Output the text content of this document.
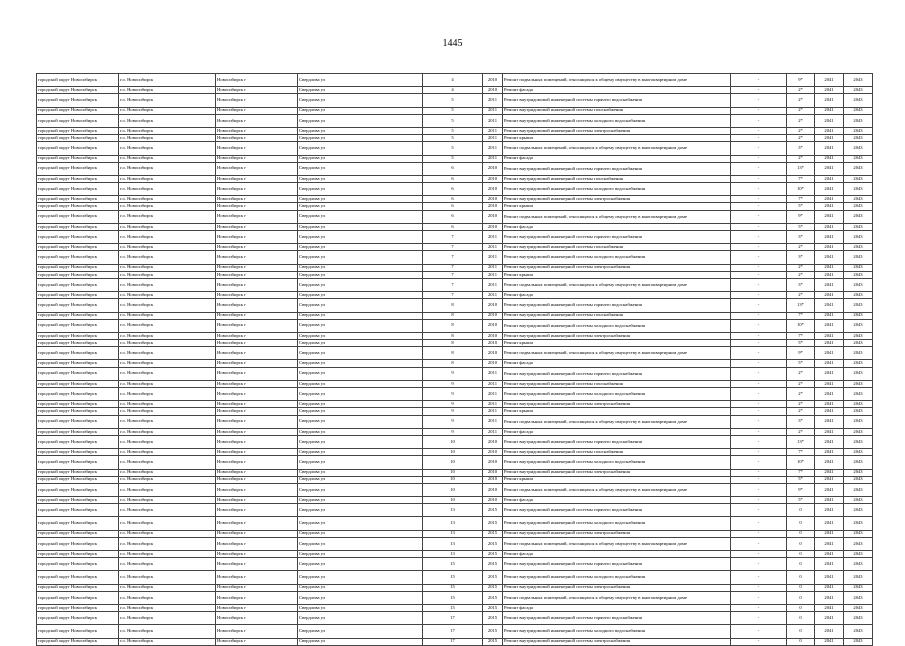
1445
городской округ Новосибирск	г.о. Новосибирск	Новосибирск г	Свердлова ул	4	2010	Ремонт подвальных помещений, относящихся к общему имуществу в многоквартирном доме	-	9*	2041	2043
городской округ Новосибирск	г.о. Новосибирск	Новосибирск г	Свердлова ул	4	2010	Ремонт фасада	-	2*	2041	2043
городской округ Новосибирск	г.о. Новосибирск	Новосибирск г	Свердлова ул	5	2011	Ремонт внутридомовой инженерной системы горячего водоснабжения	-	2*	2041	2043
городской округ Новосибирск	г.о. Новосибирск	Новосибирск г	Свердлова ул	5	2011	Ремонт внутридомовой инженерной системы газоснабжения	-	2*	2041	2043
городской округ Новосибирск	г.о. Новосибирск	Новосибирск г	Свердлова ул	5	2011	Ремонт внутридомовой инженерной системы холодного водоснабжения	-	2*	2041	2043
городской округ Новосибирск	г.о. Новосибирск	Новосибирск г	Свердлова ул	5	2011	Ремонт внутридомовой инженерной системы электроснабжения	-	2*	2041	2043
городской округ Новосибирск	г.о. Новосибирск	Новосибирск г	Свердлова ул	5	2011	Ремонт крыши	-	2*	2041	2043
городской округ Новосибирск	г.о. Новосибирск	Новосибирск г	Свердлова ул	5	2011	Ремонт подвальных помещений, относящихся к общему имуществу в многоквартирном доме	-	3*	2041	2043
городской округ Новосибирск	г.о. Новосибирск	Новосибирск г	Свердлова ул	5	2011	Ремонт фасада	-	2*	2041	2043
городской округ Новосибирск	г.о. Новосибирск	Новосибирск г	Свердлова ул	6	2010	Ремонт внутридомовой инженерной системы горячего водоснабжения	-	13*	2041	2043
городской округ Новосибирск	г.о. Новосибирск	Новосибирск г	Свердлова ул	6	2010	Ремонт внутридомовой инженерной системы газоснабжения	-	7*	2041	2043
городской округ Новосибирск	г.о. Новосибирск	Новосибирск г	Свердлова ул	6	2010	Ремонт внутридомовой инженерной системы холодного водоснабжения	-	10*	2041	2043
городской округ Новосибирск	г.о. Новосибирск	Новосибирск г	Свердлова ул	6	2010	Ремонт внутридомовой инженерной системы электроснабжения	-	7*	2041	2043
городской округ Новосибирск	г.о. Новосибирск	Новосибирск г	Свердлова ул	6	2010	Ремонт крыши	-	5*	2041	2043
городской округ Новосибирск	г.о. Новосибирск	Новосибирск г	Свердлова ул	6	2010	Ремонт подвальных помещений, относящихся к общему имуществу в многоквартирном доме	-	9*	2041	2043
городской округ Новосибирск	г.о. Новосибирск	Новосибирск г	Свердлова ул	6	2010	Ремонт фасада	-	5*	2041	2043
городской округ Новосибирск	г.о. Новосибирск	Новосибирск г	Свердлова ул	7	2011	Ремонт внутридомовой инженерной системы горячего водоснабжения	-	3*	2041	2043
городской округ Новосибирск	г.о. Новосибирск	Новосибирск г	Свердлова ул	7	2011	Ремонт внутридомовой инженерной системы газоснабжения	-	2*	2041	2043
городской округ Новосибирск	г.о. Новосибирск	Новосибирск г	Свердлова ул	7	2011	Ремонт внутридомовой инженерной системы холодного водоснабжения	-	3*	2041	2043
городской округ Новосибирск	г.о. Новосибирск	Новосибирск г	Свердлова ул	7	2011	Ремонт внутридомовой инженерной системы электроснабжения	-	2*	2041	2043
городской округ Новосибирск	г.о. Новосибирск	Новосибирск г	Свердлова ул	7	2011	Ремонт крыши	-	2*	2041	2043
городской округ Новосибирск	г.о. Новосибирск	Новосибирск г	Свердлова ул	7	2011	Ремонт подвальных помещений, относящихся к общему имуществу в многоквартирном доме	-	3*	2041	2043
городской округ Новосибирск	г.о. Новосибирск	Новосибирск г	Свердлова ул	7	2011	Ремонт фасада	-	2*	2041	2043
городской округ Новосибирск	г.о. Новосибирск	Новосибирск г	Свердлова ул	8	2010	Ремонт внутридомовой инженерной системы горячего водоснабжения	-	13*	2041	2043
городской округ Новосибирск	г.о. Новосибирск	Новосибирск г	Свердлова ул	8	2010	Ремонт внутридомовой инженерной системы газоснабжения	-	7*	2041	2043
городской округ Новосибирск	г.о. Новосибирск	Новосибирск г	Свердлова ул	8	2010	Ремонт внутридомовой инженерной системы холодного водоснабжения	-	10*	2041	2043
городской округ Новосибирск	г.о. Новосибирск	Новосибирск г	Свердлова ул	8	2010	Ремонт внутридомовой инженерной системы электроснабжения	-	7*	2041	2043
городской округ Новосибирск	г.о. Новосибирск	Новосибирск г	Свердлова ул	8	2010	Ремонт крыши	-	5*	2041	2043
городской округ Новосибирск	г.о. Новосибирск	Новосибирск г	Свердлова ул	8	2010	Ремонт подвальных помещений, относящихся к общему имуществу в многоквартирном доме	-	9*	2041	2043
городской округ Новосибирск	г.о. Новосибирск	Новосибирск г	Свердлова ул	8	2010	Ремонт фасада	-	5*	2041	2043
городской округ Новосибирск	г.о. Новосибирск	Новосибирск г	Свердлова ул	9	2011	Ремонт внутридомовой инженерной системы горячего водоснабжения	-	2*	2041	2043
городской округ Новосибирск	г.о. Новосибирск	Новосибирск г	Свердлова ул	9	2011	Ремонт внутридомовой инженерной системы газоснабжения	-	2*	2041	2043
городской округ Новосибирск	г.о. Новосибирск	Новосибирск г	Свердлова ул	9	2011	Ремонт внутридомовой инженерной системы холодного водоснабжения	-	2*	2041	2043
городской округ Новосибирск	г.о. Новосибирск	Новосибирск г	Свердлова ул	9	2011	Ремонт внутридомовой инженерной системы электроснабжения	-	2*	2041	2043
городской округ Новосибирск	г.о. Новосибирск	Новосибирск г	Свердлова ул	9	2011	Ремонт крыши	-	2*	2041	2043
городской округ Новосибирск	г.о. Новосибирск	Новосибирск г	Свердлова ул	9	2011	Ремонт подвальных помещений, относящихся к общему имуществу в многоквартирном доме	-	3*	2041	2043
городской округ Новосибирск	г.о. Новосибирск	Новосибирск г	Свердлова ул	9	2011	Ремонт фасада	-	2*	2041	2043
городской округ Новосибирск	г.о. Новосибирск	Новосибирск г	Свердлова ул	10	2010	Ремонт внутридомовой инженерной системы горячего водоснабжения	-	13*	2041	2043
городской округ Новосибирск	г.о. Новосибирск	Новосибирск г	Свердлова ул	10	2010	Ремонт внутридомовой инженерной системы газоснабжения	-	7*	2041	2043
городской округ Новосибирск	г.о. Новосибирск	Новосибирск г	Свердлова ул	10	2010	Ремонт внутридомовой инженерной системы холодного водоснабжения	-	10*	2041	2043
городской округ Новосибирск	г.о. Новосибирск	Новосибирск г	Свердлова ул	10	2010	Ремонт внутридомовой инженерной системы электроснабжения	-	7*	2041	2043
городской округ Новосибирск	г.о. Новосибирск	Новосибирск г	Свердлова ул	10	2010	Ремонт крыши	-	5*	2041	2043
городской округ Новосибирск	г.о. Новосибирск	Новосибирск г	Свердлова ул	10	2010	Ремонт подвальных помещений, относящихся к общему имуществу в многоквартирном доме	-	9*	2041	2043
городской округ Новосибирск	г.о. Новосибирск	Новосибирск г	Свердлова ул	10	2010	Ремонт фасада	-	5*	2041	2043
городской округ Новосибирск	г.о. Новосибирск	Новосибирск г	Свердлова ул	13	2015	Ремонт внутридомовой инженерной системы горячего водоснабжения	-	0	2041	2043
городской округ Новосибирск	г.о. Новосибирск	Новосибирск г	Свердлова ул	13	2015	Ремонт внутридомовой инженерной системы холодного водоснабжения	-	0	2041	2043
городской округ Новосибирск	г.о. Новосибирск	Новосибирск г	Свердлова ул	13	2015	Ремонт внутридомовой инженерной системы электроснабжения	-	0	2041	2043
городской округ Новосибирск	г.о. Новосибирск	Новосибирск г	Свердлова ул	13	2015	Ремонт подвальных помещений, относящихся к общему имуществу в многоквартирном доме	-	0	2041	2043
городской округ Новосибирск	г.о. Новосибирск	Новосибирск г	Свердлова ул	13	2015	Ремонт фасада	-	0	2041	2043
городской округ Новосибирск	г.о. Новосибирск	Новосибирск г	Свердлова ул	15	2015	Ремонт внутридомовой инженерной системы горячего водоснабжения	-	0	2041	2043
городской округ Новосибирск	г.о. Новосибирск	Новосибирск г	Свердлова ул	15	2015	Ремонт внутридомовой инженерной системы холодного водоснабжения	-	0	2041	2043
городской округ Новосибирск	г.о. Новосибирск	Новосибирск г	Свердлова ул	15	2015	Ремонт внутридомовой инженерной системы электроснабжения	-	0	2041	2043
городской округ Новосибирск	г.о. Новосибирск	Новосибирск г	Свердлова ул	15	2015	Ремонт подвальных помещений, относящихся к общему имуществу в многоквартирном доме	-	0	2041	2043
городской округ Новосибирск	г.о. Новосибирск	Новосибирск г	Свердлова ул	15	2015	Ремонт фасада	-	0	2041	2043
городской округ Новосибирск	г.о. Новосибирск	Новосибирск г	Свердлова ул	17	2015	Ремонт внутридомовой инженерной системы горячего водоснабжения	-	0	2041	2043
городской округ Новосибирск	г.о. Новосибирск	Новосибирск г	Свердлова ул	17	2015	Ремонт внутридомовой инженерной системы холодного водоснабжения	-	0	2041	2043
городской округ Новосибирск	г.о. Новосибирск	Новосибирск г	Свердлова ул	17	2015	Ремонт внутридомовой инженерной системы электроснабжения	-	0	2041	2043
